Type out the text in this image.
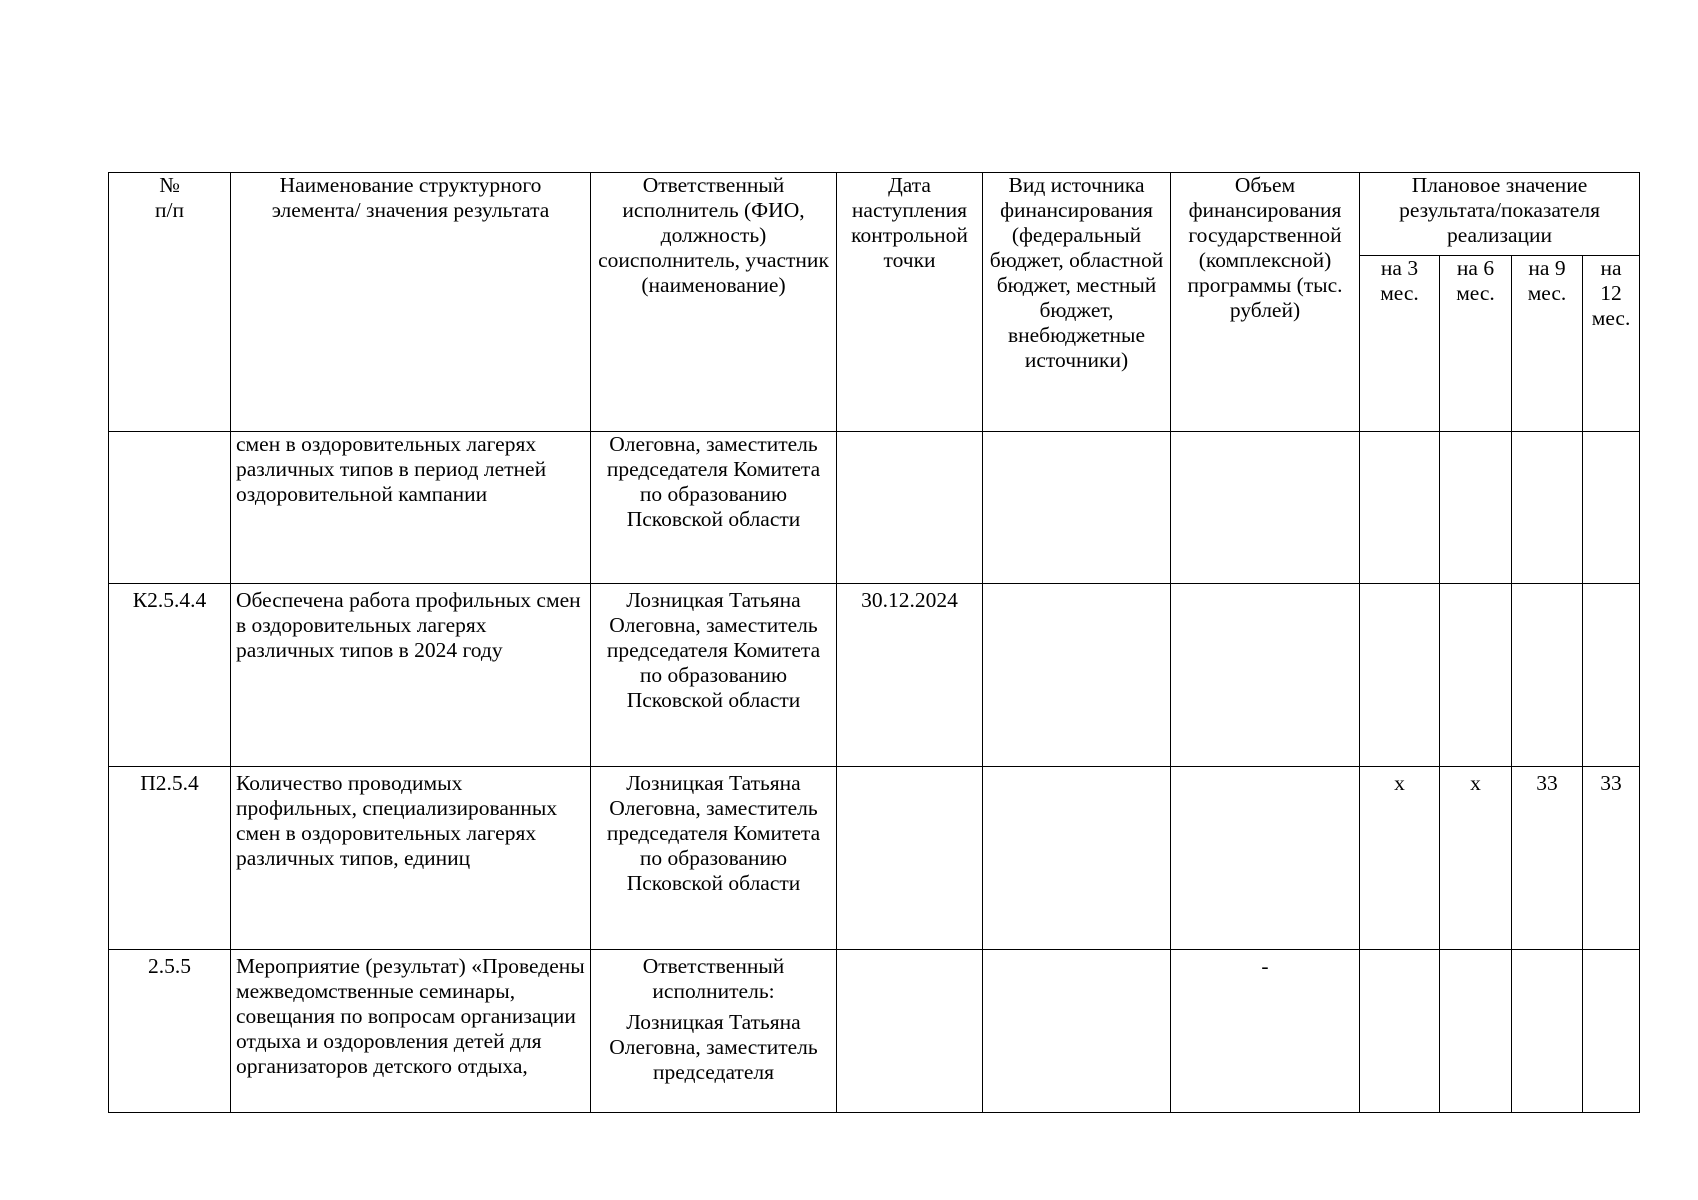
№
п/п	Наименование структурного элемента/ значения результата	Ответственный исполнитель (ФИО, должность) соисполнитель, участник (наименование)	Дата наступления контрольной точки	Вид источника финансирования (федеральный бюджет, областной бюджет, местный бюджет, внебюджетные источники)	Объем финансирования государственной (комплексной) программы (тыс. рублей)	Плановое значение результата/показателя реализации			
						на 3 мес.	на 6 мес.	на 9 мес.	на 12 мес.
	смен в оздоровительных лагерях различных типов в период летней оздоровительной кампании	Олеговна, заместитель председателя Комитета по образованию Псковской области							
К2.5.4.4	Обеспечена работа профильных смен в оздоровительных лагерях различных типов в 2024 году	Лозницкая Татьяна Олеговна, заместитель председателя Комитета по образованию Псковской области	30.12.2024						
П2.5.4	Количество проводимых профильных, специализированных смен в оздоровительных лагерях различных типов, единиц	Лозницкая Татьяна Олеговна, заместитель председателя Комитета по образованию Псковской области				х	х	33	33
2.5.5	Мероприятие (результат) «Проведены межведомственные семинары, совещания по вопросам организации отдыха и оздоровления детей для организаторов детского отдыха,	Ответственный исполнитель:
Лозницкая Татьяна Олеговна, заместитель председателя			-				
